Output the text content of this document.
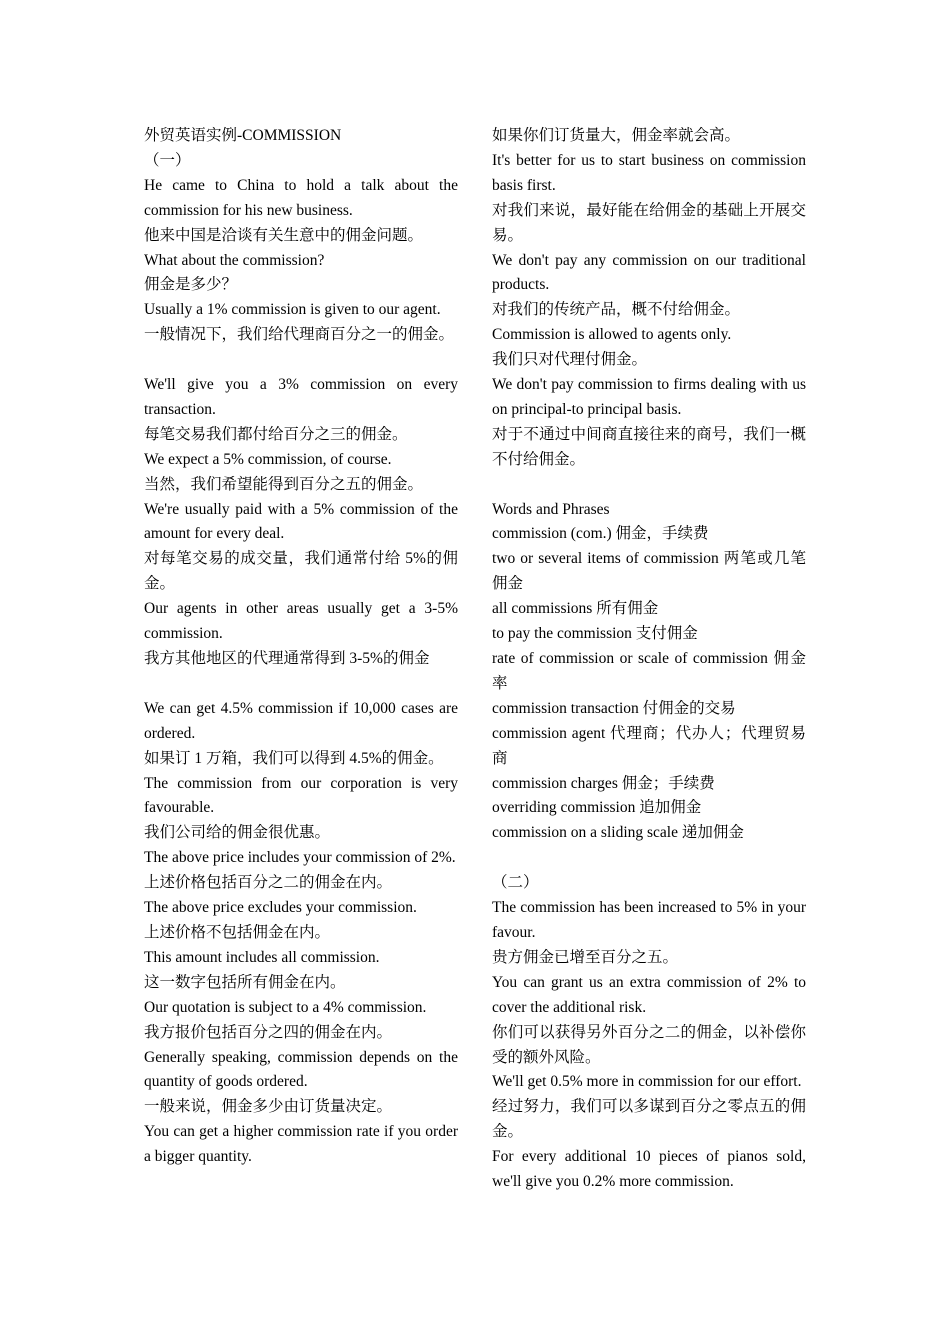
外贸英语实例-COMMISSION

（一）

He came to China to hold a talk about the commission for his new business.

他来中国是洽谈有关生意中的佣金问题。

What about the commission?

佣金是多少？

Usually a 1% commission is given to our agent.

一般情况下，我们给代理商百分之一的佣金。

We'll give you a 3% commission on every transaction.

每笔交易我们都付给百分之三的佣金。

We expect a 5% commission, of course.

当然，我们希望能得到百分之五的佣金。

We're usually paid with a 5% commission of the amount for every deal.

对每笔交易的成交量，我们通常付给 5%的佣金。

Our agents in other areas usually get a 3-5% commission.

我方其他地区的代理通常得到 3-5%的佣金

We can get 4.5% commission if 10,000 cases are ordered.

如果订 1 万箱，我们可以得到 4.5%的佣金。

The commission from our corporation is very favourable.

我们公司给的佣金很优惠。

The above price includes your commission of 2%.

上述价格包括百分之二的佣金在内。

The above price excludes your commission.

上述价格不包括佣金在内。

This amount includes all commission.

这一数字包括所有佣金在内。

Our quotation is subject to a 4% commission.

我方报价包括百分之四的佣金在内。

Generally speaking, commission depends on the quantity of goods ordered.

一般来说，佣金多少由订货量决定。

You can get a higher commission rate if you order a bigger quantity.

如果你们订货量大，佣金率就会高。

It's better for us to start business on commission basis first.

对我们来说，最好能在给佣金的基础上开展交易。

We don't pay any commission on our traditional products.

对我们的传统产品，概不付给佣金。

Commission is allowed to agents only.

我们只对代理付佣金。

We don't pay commission to firms dealing with us on principal-to principal basis.

对于不通过中间商直接往来的商号，我们一概不付给佣金。

Words and Phrases

commission (com.) 佣金，手续费

two or several items of commission 两笔或几笔佣金

all commissions 所有佣金

to pay the commission 支付佣金

rate of commission or scale of commission 佣金率

commission transaction 付佣金的交易

commission agent 代理商；代办人；代理贸易商

commission charges 佣金；手续费

overriding commission 追加佣金

commission on a sliding scale 递加佣金

（二）

The commission has been increased to 5% in your favour.

贵方佣金已增至百分之五。

You can grant us an extra commission of 2% to cover the additional risk.

你们可以获得另外百分之二的佣金，以补偿你受的额外风险。

We'll get 0.5% more in commission for our effort.

经过努力，我们可以多谋到百分之零点五的佣金。

For every additional 10 pieces of pianos sold, we'll give you 0.2% more commission.
